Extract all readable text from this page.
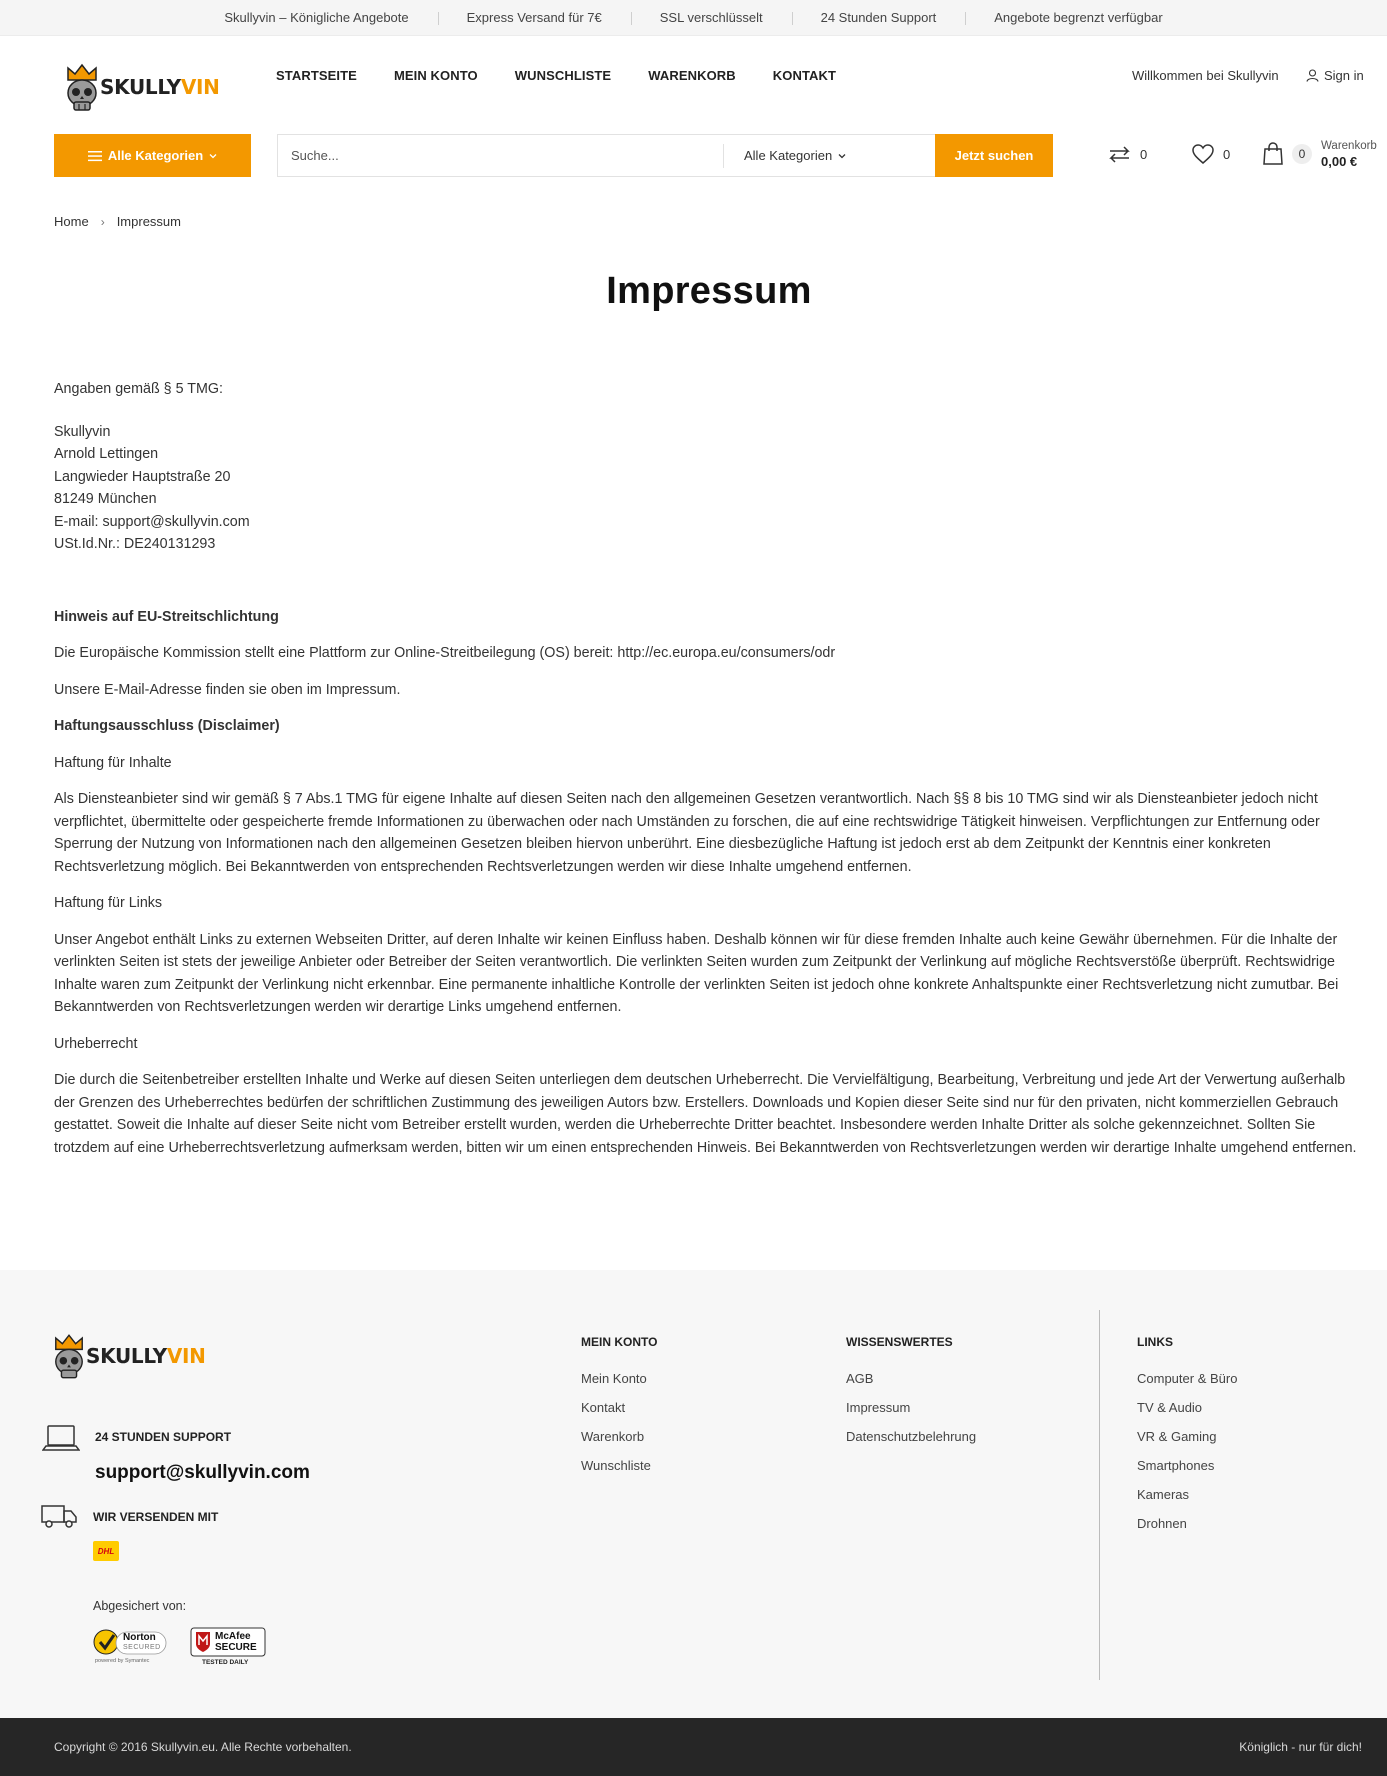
Skullyvin – Königliche Angebote	Express Versand für 7€	SSL verschlüsselt	24 Stunden Support	Angebote begrenzt verfügbar
SKULLYVIN	STARTSEITE	MEIN KONTO	WUNSCHLISTE	WARENKORB	KONTAKT	Willkommen bei Skullyvin	Sign in
Alle Kategorien
Suche...	Alle Kategorien	Jetzt suchen	0	0	0
Warenkorb
0,00 €
Home › Impressum
Impressum

Angaben gemäß § 5 TMG:

Skullyvin
Arnold Lettingen
Langwieder Hauptstraße 20
81249 München
E-mail: support@skullyvin.com
USt.Id.Nr.: DE240131293

Hinweis auf EU-Streitschlichtung

Die Europäische Kommission stellt eine Plattform zur Online-Streitbeilegung (OS) bereit: http://ec.europa.eu/consumers/odr

Unsere E-Mail-Adresse finden sie oben im Impressum.

Haftungsausschluss (Disclaimer)

Haftung für Inhalte

Als Diensteanbieter sind wir gemäß § 7 Abs.1 TMG für eigene Inhalte auf diesen Seiten nach den allgemeinen Gesetzen verantwortlich. Nach §§ 8 bis 10 TMG sind wir als Diensteanbieter jedoch nicht verpflichtet, übermittelte oder gespeicherte fremde Informationen zu überwachen oder nach Umständen zu forschen, die auf eine rechtswidrige Tätigkeit hinweisen. Verpflichtungen zur Entfernung oder Sperrung der Nutzung von Informationen nach den allgemeinen Gesetzen bleiben hiervon unberührt. Eine diesbezügliche Haftung ist jedoch erst ab dem Zeitpunkt der Kenntnis einer konkreten Rechtsverletzung möglich. Bei Bekanntwerden von entsprechenden Rechtsverletzungen werden wir diese Inhalte umgehend entfernen.

Haftung für Links

Unser Angebot enthält Links zu externen Webseiten Dritter, auf deren Inhalte wir keinen Einfluss haben. Deshalb können wir für diese fremden Inhalte auch keine Gewähr übernehmen. Für die Inhalte der verlinkten Seiten ist stets der jeweilige Anbieter oder Betreiber der Seiten verantwortlich. Die verlinkten Seiten wurden zum Zeitpunkt der Verlinkung auf mögliche Rechtsverstöße überprüft. Rechtswidrige Inhalte waren zum Zeitpunkt der Verlinkung nicht erkennbar. Eine permanente inhaltliche Kontrolle der verlinkten Seiten ist jedoch ohne konkrete Anhaltspunkte einer Rechtsverletzung nicht zumutbar. Bei Bekanntwerden von Rechtsverletzungen werden wir derartige Links umgehend entfernen.

Urheberrecht

Die durch die Seitenbetreiber erstellten Inhalte und Werke auf diesen Seiten unterliegen dem deutschen Urheberrecht. Die Vervielfältigung, Bearbeitung, Verbreitung und jede Art der Verwertung außerhalb der Grenzen des Urheberrechtes bedürfen der schriftlichen Zustimmung des jeweiligen Autors bzw. Erstellers. Downloads und Kopien dieser Seite sind nur für den privaten, nicht kommerziellen Gebrauch gestattet. Soweit die Inhalte auf dieser Seite nicht vom Betreiber erstellt wurden, werden die Urheberrechte Dritter beachtet. Insbesondere werden Inhalte Dritter als solche gekennzeichnet. Sollten Sie trotzdem auf eine Urheberrechtsverletzung aufmerksam werden, bitten wir um einen entsprechenden Hinweis. Bei Bekanntwerden von Rechtsverletzungen werden wir derartige Inhalte umgehend entfernen.

SKULLYVIN
24 STUNDEN SUPPORT
support@skullyvin.com
WIR VERSENDEN MIT
DHL
Abgesichert von:
Norton
SECURED
powered by Symantec
McAfee
SECURE
TESTED DAILY
MEIN KONTO
Mein Konto
Kontakt
Warenkorb
Wunschliste
WISSENSWERTES
AGB
Impressum
Datenschutzbelehrung
LINKS
Computer & Büro
TV & Audio
VR & Gaming
Smartphones
Kameras
Drohnen
Copyright © 2016 Skullyvin.eu. Alle Rechte vorbehalten.	Königlich - nur für dich!
